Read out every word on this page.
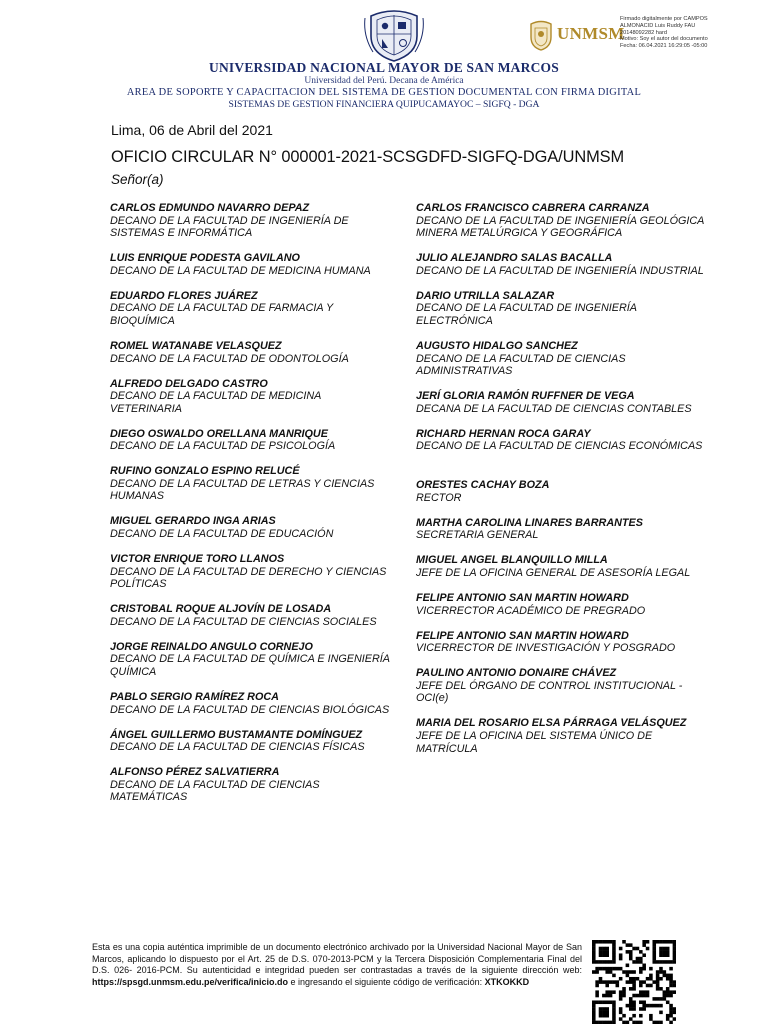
UNMSM
Firmado digitalmente por CAMPOS
ALMONACID Luis Ruddy FAU
20148092282 hard
Motivo: Soy el autor del documento
Fecha: 06.04.2021 16:29:05 -05:00
UNIVERSIDAD NACIONAL MAYOR DE SAN MARCOS
Universidad del Perú. Decana de América
AREA DE SOPORTE Y CAPACITACION DEL SISTEMA DE GESTION DOCUMENTAL CON FIRMA DIGITAL
SISTEMAS DE GESTION FINANCIERA QUIPUCAMAYOC – SIGFQ - DGA
Lima, 06 de Abril del 2021
OFICIO CIRCULAR N° 000001-2021-SCSGDFD-SIGFQ-DGA/UNMSM
Señor(a)
CARLOS EDMUNDO NAVARRO DEPAZ
DECANO DE LA FACULTAD DE INGENIERÍA DE SISTEMAS E INFORMÁTICA
LUIS ENRIQUE PODESTA GAVILANO
DECANO DE LA FACULTAD DE MEDICINA HUMANA
EDUARDO FLORES JUÁREZ
DECANO DE LA FACULTAD DE FARMACIA Y BIOQUÍMICA
ROMEL WATANABE VELASQUEZ
DECANO DE LA FACULTAD DE ODONTOLOGÍA
ALFREDO DELGADO CASTRO
DECANO DE LA FACULTAD DE MEDICINA VETERINARIA
DIEGO OSWALDO ORELLANA MANRIQUE
DECANO DE LA FACULTAD DE PSICOLOGÍA
RUFINO GONZALO ESPINO RELUCÉ
DECANO DE LA FACULTAD DE LETRAS Y CIENCIAS HUMANAS
MIGUEL GERARDO INGA ARIAS
DECANO DE LA FACULTAD DE EDUCACIÓN
VICTOR ENRIQUE TORO LLANOS
DECANO DE LA FACULTAD DE DERECHO Y CIENCIAS POLÍTICAS
CRISTOBAL ROQUE ALJOVÍN DE LOSADA
DECANO DE LA FACULTAD DE CIENCIAS SOCIALES
JORGE REINALDO ANGULO CORNEJO
DECANO DE LA FACULTAD DE QUÍMICA E INGENIERÍA QUÍMICA
PABLO SERGIO RAMÍREZ ROCA
DECANO DE LA FACULTAD DE CIENCIAS BIOLÓGICAS
ÁNGEL GUILLERMO BUSTAMANTE DOMÍNGUEZ
DECANO DE LA FACULTAD DE CIENCIAS FÍSICAS
ALFONSO PÉREZ SALVATIERRA
DECANO DE LA FACULTAD DE CIENCIAS MATEMÁTICAS
CARLOS FRANCISCO CABRERA CARRANZA
DECANO DE LA FACULTAD DE INGENIERÍA GEOLÓGICA MINERA METALÚRGICA Y GEOGRÁFICA
JULIO ALEJANDRO SALAS BACALLA
DECANO DE LA FACULTAD DE INGENIERÍA INDUSTRIAL
DARIO UTRILLA SALAZAR
DECANO DE LA FACULTAD DE INGENIERÍA ELECTRÓNICA
AUGUSTO HIDALGO SANCHEZ
DECANO DE LA FACULTAD DE CIENCIAS ADMINISTRATIVAS
JERÍ GLORIA RAMÓN RUFFNER DE VEGA
DECANA DE LA FACULTAD DE CIENCIAS CONTABLES
RICHARD HERNAN ROCA GARAY
DECANO DE LA FACULTAD DE CIENCIAS ECONÓMICAS
ORESTES CACHAY BOZA
RECTOR
MARTHA CAROLINA LINARES BARRANTES
SECRETARIA GENERAL
MIGUEL ANGEL BLANQUILLO MILLA
JEFE DE LA OFICINA GENERAL DE ASESORÍA LEGAL
FELIPE ANTONIO SAN MARTIN HOWARD
VICERRECTOR ACADÉMICO DE PREGRADO
FELIPE ANTONIO SAN MARTIN HOWARD
VICERRECTOR DE INVESTIGACIÓN Y POSGRADO
PAULINO ANTONIO DONAIRE CHÁVEZ
JEFE DEL ÓRGANO DE CONTROL INSTITUCIONAL - OCI(e)
MARIA DEL ROSARIO ELSA PÁRRAGA VELÁSQUEZ
JEFE DE LA OFICINA DEL SISTEMA ÚNICO DE MATRÍCULA
Esta es una copia auténtica imprimible de un documento electrónico archivado por la Universidad Nacional Mayor de San Marcos, aplicando lo dispuesto por el Art. 25 de D.S. 070-2013-PCM y la Tercera Disposición Complementaria Final del D.S. 026- 2016-PCM. Su autenticidad e integridad pueden ser contrastadas a través de la siguiente dirección web: https://spsgd.unmsm.edu.pe/verifica/inicio.do e ingresando el siguiente código de verificación: XTKOKKD
